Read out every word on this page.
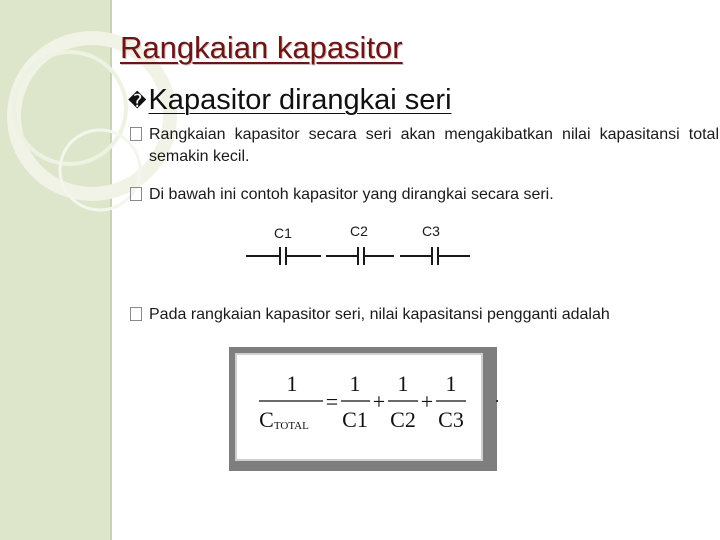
Rangkaian kapasitor
�Kapasitor dirangkai seri
Rangkaian kapasitor secara seri akan mengakibatkan nilai kapasitansi total semakin kecil.
Di bawah ini contoh kapasitor yang dirangkai secara seri.
C1	C2	C3
Pada rangkaian kapasitor seri, nilai kapasitansi pengganti adalah
1
CTOTAL
=
1
C1
+
1
C2
+
1
C3
